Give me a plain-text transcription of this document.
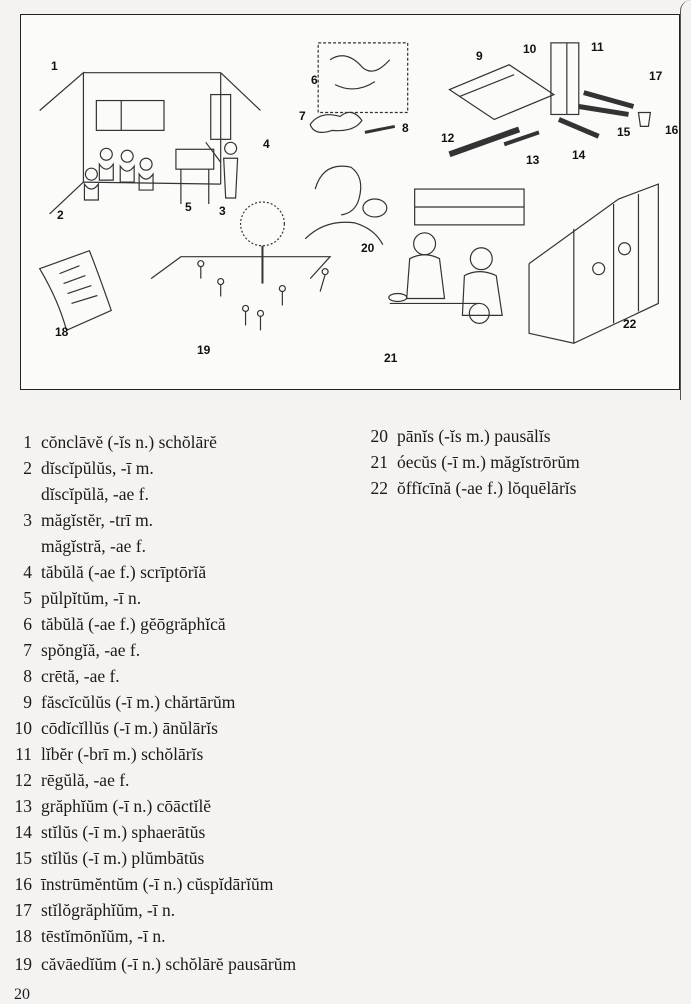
1
2	3
4
5
6
7
8
9	10	11
12
13	14
15	16
17
18
19
20
21
22
1 cŏnclāvĕ (-ĭs n.) schŏlārĕ
2 dĭscĭpŭlŭs, -ī m.
dĭscĭpŭlă, -ae f.
3 măgĭstĕr, -trī m.
măgĭstră, -ae f.
4 tăbŭlă (-ae f.) scrīptōrĭă
5 pŭlpĭtŭm, -ī n.
6 tăbŭlă (-ae f.) gĕōgrăphĭcă
7 spŏngĭă, -ae f.
8 crētă, -ae f.
9 făscĭcŭlŭs (-ī m.) chărtārŭm
10 cōdĭcĭllŭs (-ī m.) ānŭlārĭs
11 lĭbĕr (-brī m.) schŏlārĭs
12 rēgŭlă, -ae f.
13 grăphĭŭm (-ī n.) cōāctĭlĕ
14 stĭlŭs (-ī m.) sphaerātŭs
15 stĭlŭs (-ī m.) plŭmbātŭs
16 īnstrūmĕntŭm (-ī n.) cŭspĭdārĭŭm
17 stĭlŏgrăphĭŭm, -ī n.
18 tēstĭmōnĭŭm, -ī n.
19 căvāedĭŭm (-ī n.) schŏlārĕ pausārŭm
20 pānĭs (-ĭs m.) pausālĭs
21 óecŭs (-ī m.) măgĭstrōrŭm
22 ŏffĭcīnă (-ae f.) lŏquēlārĭs
20
